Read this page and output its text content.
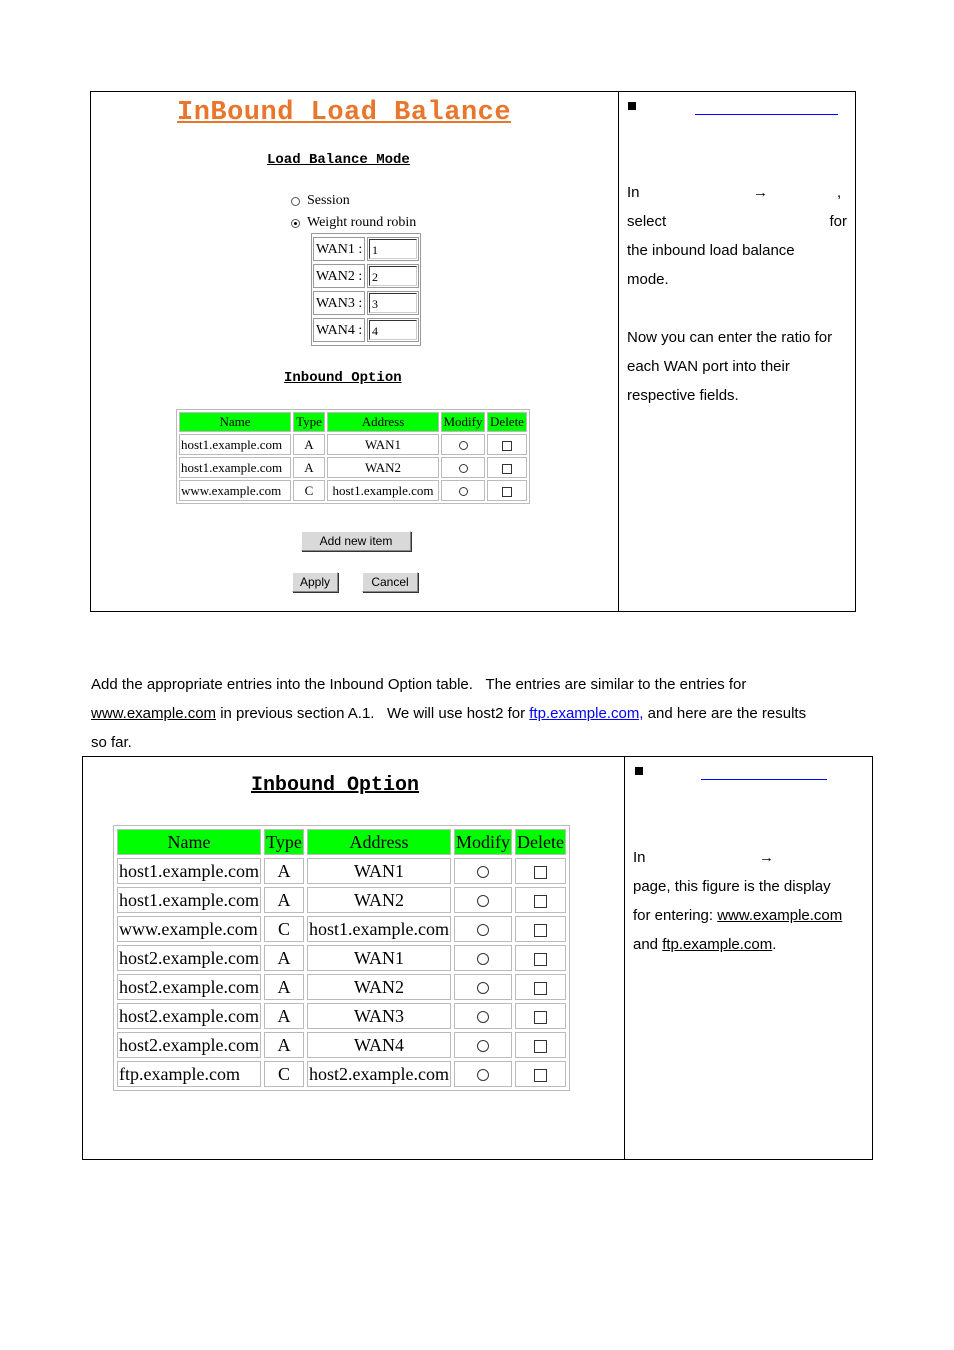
InBound Load Balance
Load Balance Mode
Session
Weight round robin
WAN1 : 1
WAN2 : 2
WAN3 : 3
WAN4 : 4
Inbound Option
Name	Type	Address	Modify	Delete
host1.example.com	A	WAN1		
host1.example.com	A	WAN2		
www.example.com	C	host1.example.com		
Add new item
Apply	Cancel
In	→	,
select	for
the inbound load balance
mode.
Now you can enter the ratio for
each WAN port into their
respective fields.
Add the appropriate entries into the Inbound Option table.   The entries are similar to the entries for
www.example.com in previous section A.1.   We will use host2 for ftp.example.com, and here are the results
so far.
Inbound Option
Name	Type	Address	Modify	Delete
host1.example.com	A	WAN1		
host1.example.com	A	WAN2		
www.example.com	C	host1.example.com		
host2.example.com	A	WAN1		
host2.example.com	A	WAN2		
host2.example.com	A	WAN3		
host2.example.com	A	WAN4		
ftp.example.com	C	host2.example.com		
In	→
page, this figure is the display
for entering: www.example.com
and ftp.example.com.
